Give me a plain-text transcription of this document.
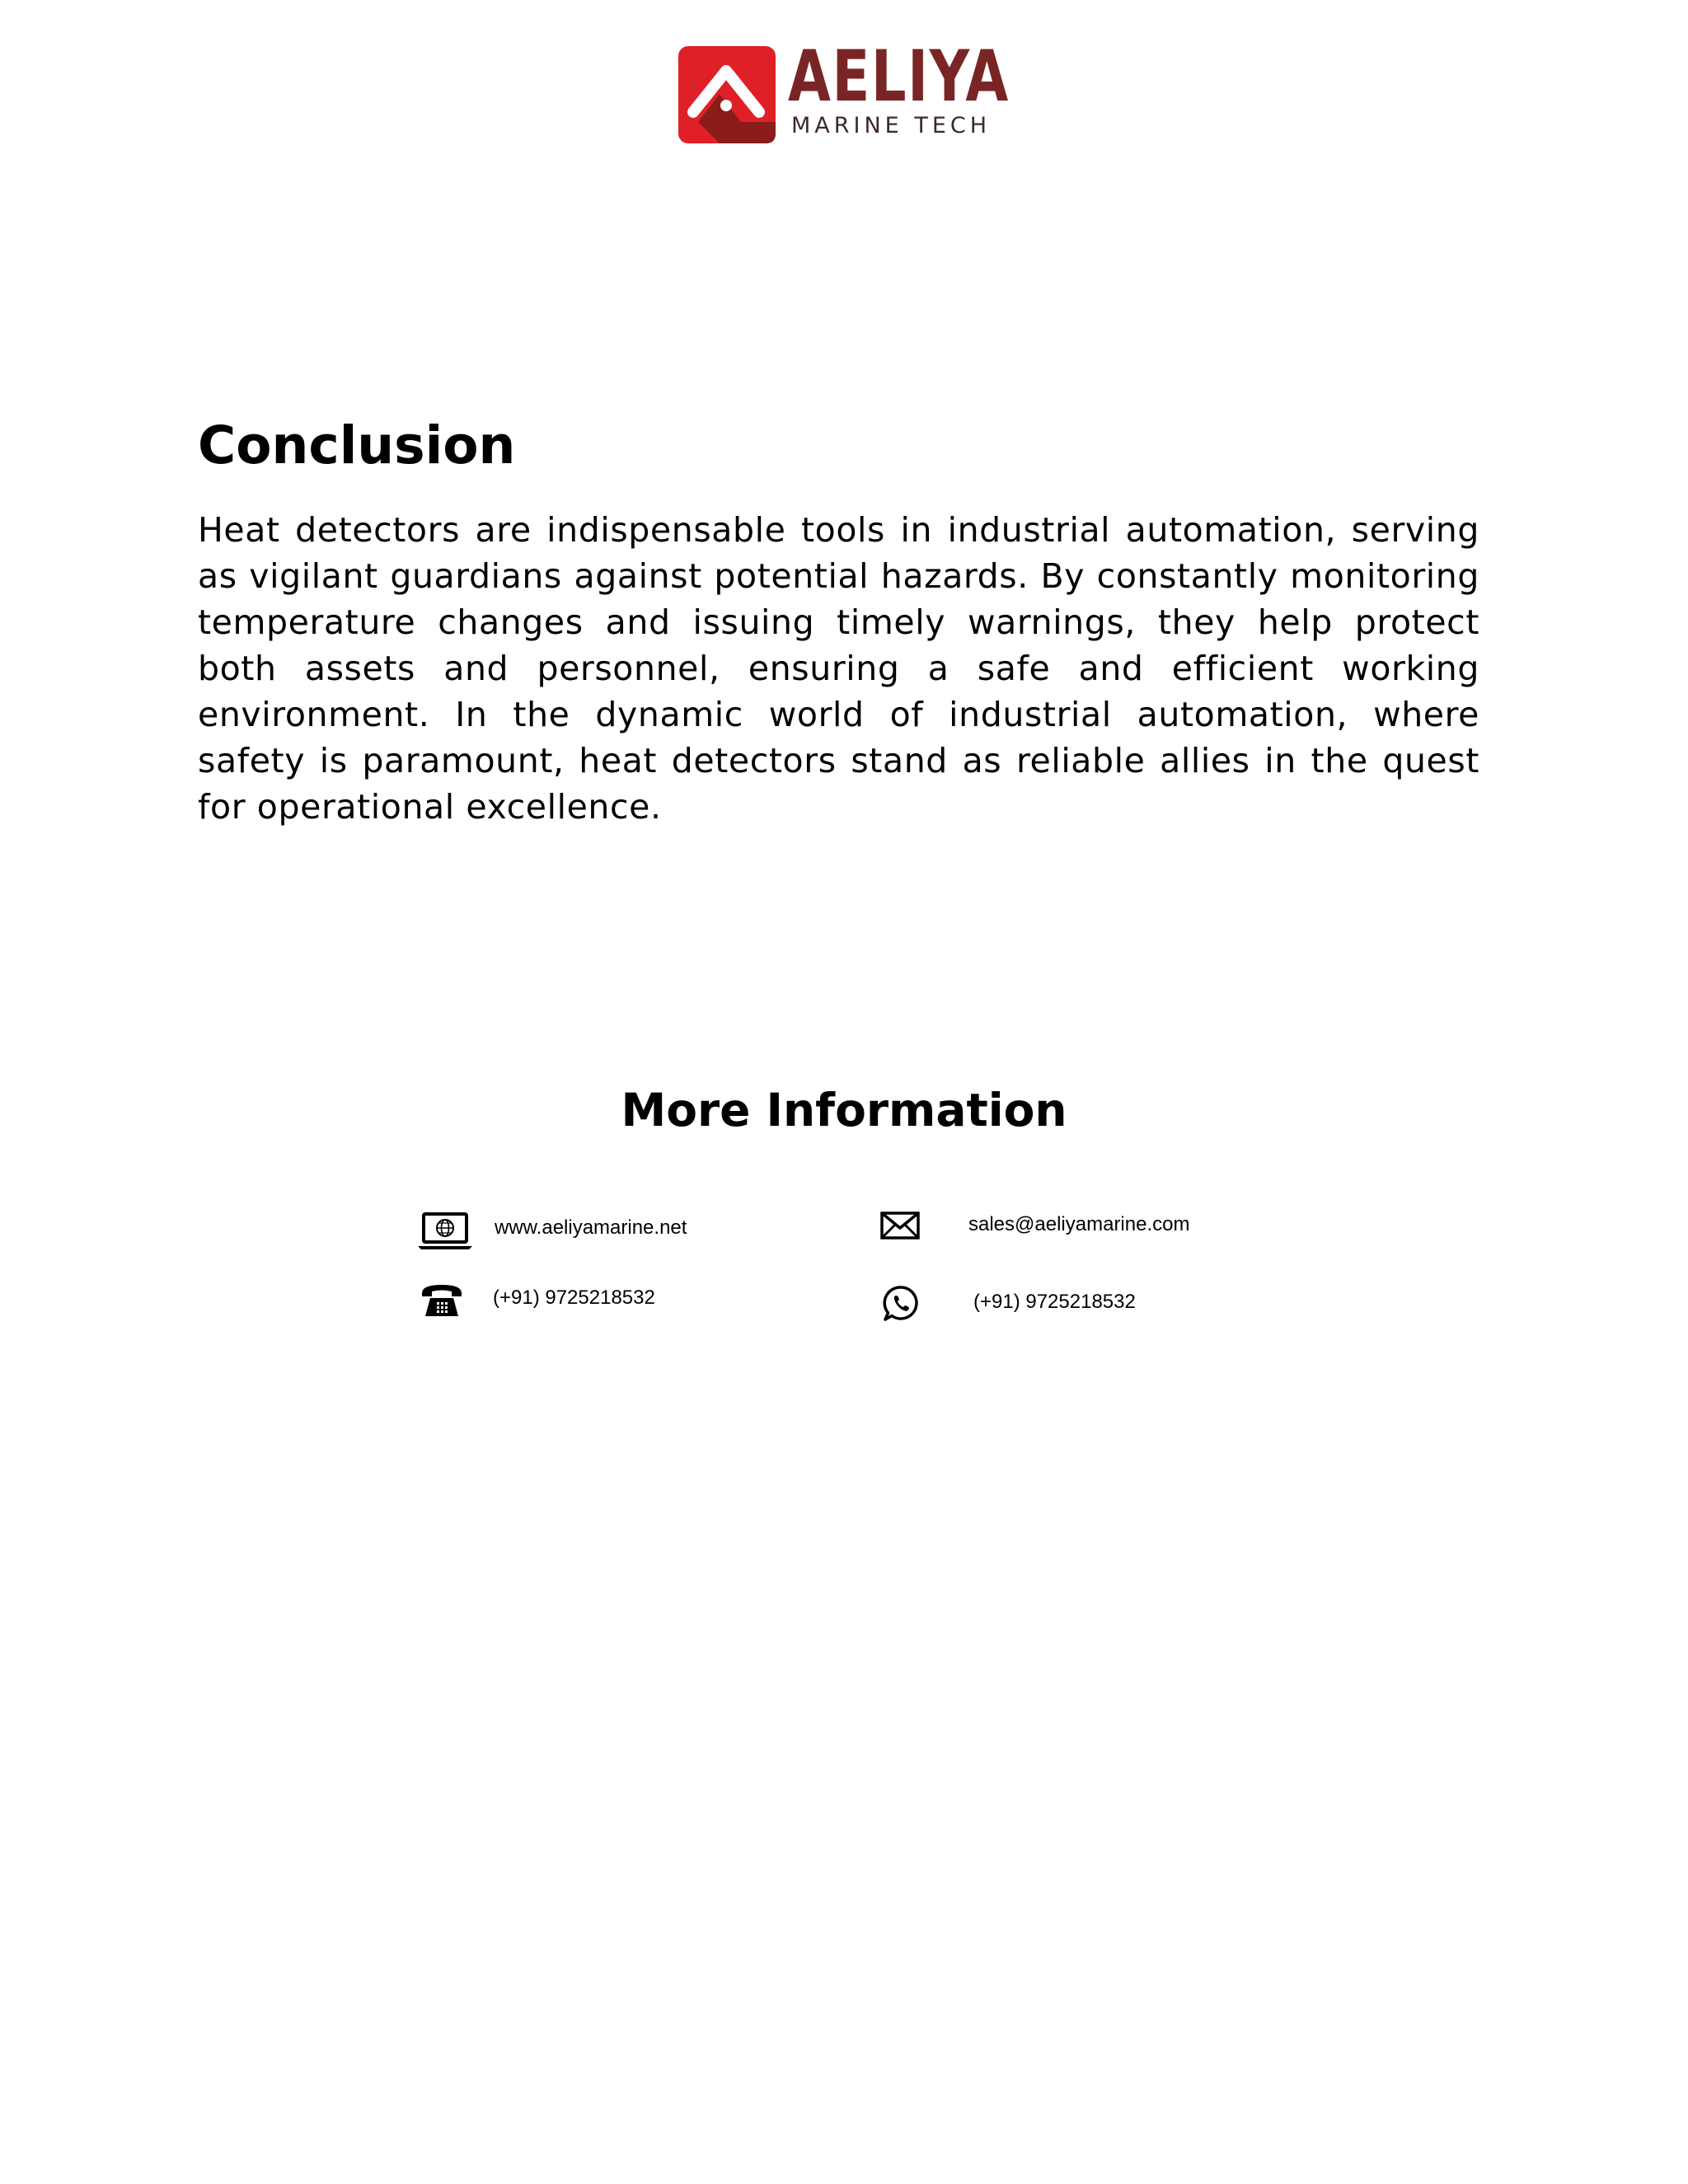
AELIYA
MARINE TECH
Conclusion

Heat detectors are indispensable tools in industrial automation, serving as vigilant guardians against potential hazards. By constantly monitoring temperature changes and issuing timely warnings, they help protect both assets and personnel, ensuring a safe and efficient working environment. In the dynamic world of industrial automation, where safety is paramount, heat detectors stand as reliable allies in the quest for operational excellence.

More Information
www.aeliyamarine.net	sales@aeliyamarine.com
(+91) 9725218532	(+91) 9725218532
